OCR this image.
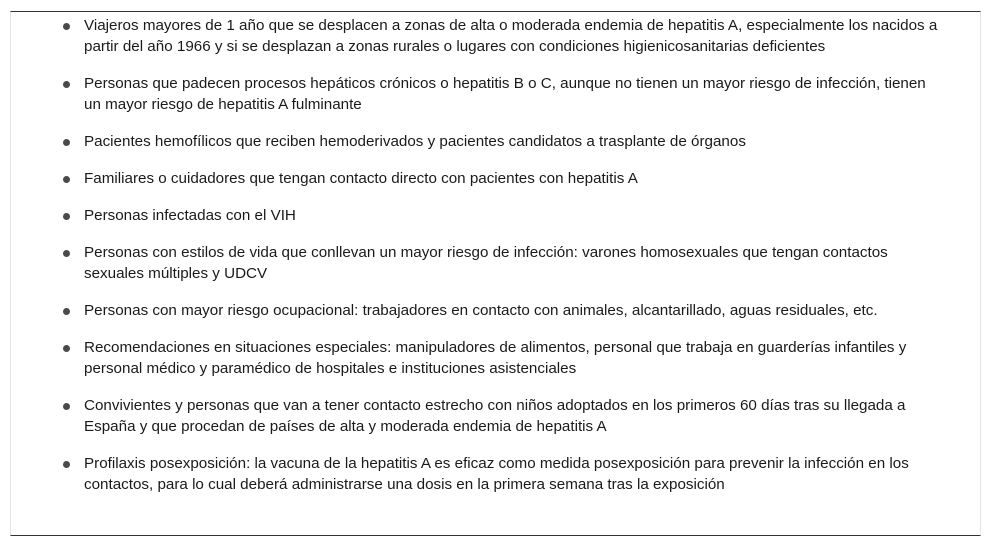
Viajeros mayores de 1 año que se desplacen a zonas de alta o moderada endemia de hepatitis A, especialmente los nacidos a partir del año 1966 y si se desplazan a zonas rurales o lugares con condiciones higienicosanitarias deficientes
Personas que padecen procesos hepáticos crónicos o hepatitis B o C, aunque no tienen un mayor riesgo de infección, tienen un mayor riesgo de hepatitis A fulminante
Pacientes hemofílicos que reciben hemoderivados y pacientes candidatos a trasplante de órganos
Familiares o cuidadores que tengan contacto directo con pacientes con hepatitis A
Personas infectadas con el VIH
Personas con estilos de vida que conllevan un mayor riesgo de infección: varones homosexuales que tengan contactos sexuales múltiples y UDCV
Personas con mayor riesgo ocupacional: trabajadores en contacto con animales, alcantarillado, aguas residuales, etc.
Recomendaciones en situaciones especiales: manipuladores de alimentos, personal que trabaja en guarderías infantiles y personal médico y paramédico de hospitales e instituciones asistenciales
Convivientes y personas que van a tener contacto estrecho con niños adoptados en los primeros 60 días tras su llegada a España y que procedan de países de alta y moderada endemia de hepatitis A
Profilaxis posexposición: la vacuna de la hepatitis A es eficaz como medida posexposición para prevenir la infección en los contactos, para lo cual deberá administrarse una dosis en la primera semana tras la exposición
